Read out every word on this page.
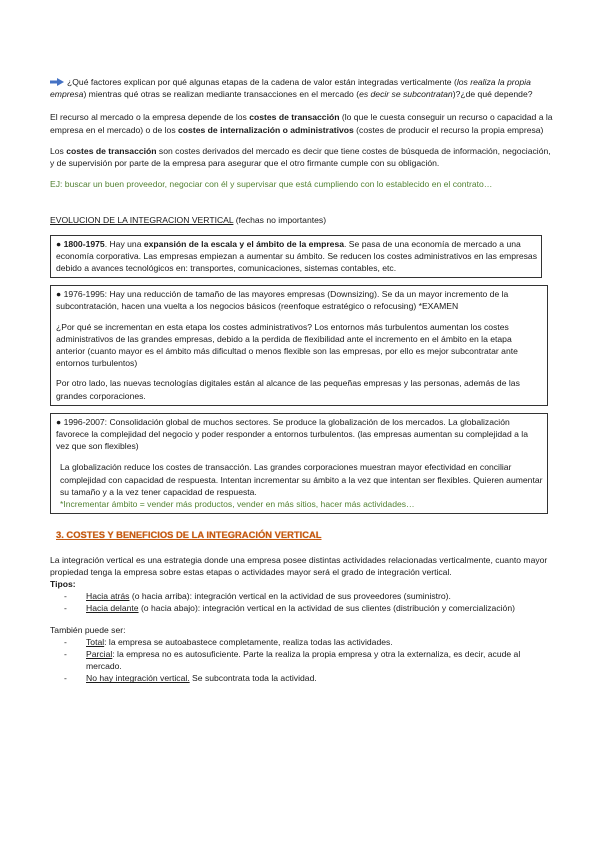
¿Qué factores explican por qué algunas etapas de la cadena de valor están integradas verticalmente (los realiza la propia empresa) mientras qué otras se realizan mediante transacciones en el mercado (es decir se subcontratan)?¿de qué depende?

El recurso al mercado o la empresa depende de los costes de transacción (lo que le cuesta conseguir un recurso o capacidad a la empresa en el mercado) o de los costes de internalización o administrativos (costes de producir el recurso la propia empresa)

Los costes de transacción son costes derivados del mercado es decir que tiene costes de búsqueda de información, negociación, y de supervisión por parte de la empresa para asegurar que el otro firmante cumple con su obligación.

EJ: buscar un buen proveedor, negociar con él y supervisar que está cumpliendo con lo establecido en el contrato…

EVOLUCION DE LA INTEGRACION VERTICAL (fechas no importantes)

● 1800-1975. Hay una expansión de la escala y el ámbito de la empresa. Se pasa de una economía de mercado a una economía corporativa. Las empresas empiezan a aumentar su ámbito. Se reducen los costes administrativos en las empresas debido a avances tecnológicos en: transportes, comunicaciones, sistemas contables, etc.

● 1976-1995: Hay una reducción de tamaño de las mayores empresas (Downsizing). Se da un mayor incremento de la subcontratación, hacen una vuelta a los negocios básicos (reenfoque estratégico o refocusing) *EXAMEN

¿Por qué se incrementan en esta etapa los costes administrativos? Los entornos más turbulentos aumentan los costes administrativos de las grandes empresas, debido a la perdida de flexibilidad ante el incremento en el ámbito en la etapa anterior (cuanto mayor es el ámbito más dificultad o menos flexible son las empresas, por ello es mejor subcontratar ante entornos turbulentos)

Por otro lado, las nuevas tecnologías digitales están al alcance de las pequeñas empresas y las personas, además de las grandes corporaciones.

● 1996-2007: Consolidación global de muchos sectores. Se produce la globalización de los mercados. La globalización favorece la complejidad del negocio y poder responder a entornos turbulentos. (las empresas aumentan su complejidad a la vez que son flexibles)

La globalización reduce los costes de transacción. Las grandes corporaciones muestran mayor efectividad en conciliar complejidad con capacidad de respuesta. Intentan incrementar su ámbito a la vez que intentan ser flexibles. Quieren aumentar su tamaño y a la vez tener capacidad de respuesta.

*Incrementar ámbito = vender más productos, vender en más sitios, hacer más actividades…

3. COSTES Y BENEFICIOS DE LA INTEGRACIÓN VERTICAL

La integración vertical es una estrategia donde una empresa posee distintas actividades relacionadas verticalmente, cuanto mayor propiedad tenga la empresa sobre estas etapas o actividades mayor será el grado de integración vertical.

Tipos:

- Hacia atrás (o hacia arriba): integración vertical en la actividad de sus proveedores (suministro).
- Hacia delante (o hacia abajo): integración vertical en la actividad de sus clientes (distribución y comercialización)

También puede ser:

- Total: la empresa se autoabastece completamente, realiza todas las actividades.
- Parcial: la empresa no es autosuficiente. Parte la realiza la propia empresa y otra la externaliza, es decir, acude al mercado.
- No hay integración vertical. Se subcontrata toda la actividad.
